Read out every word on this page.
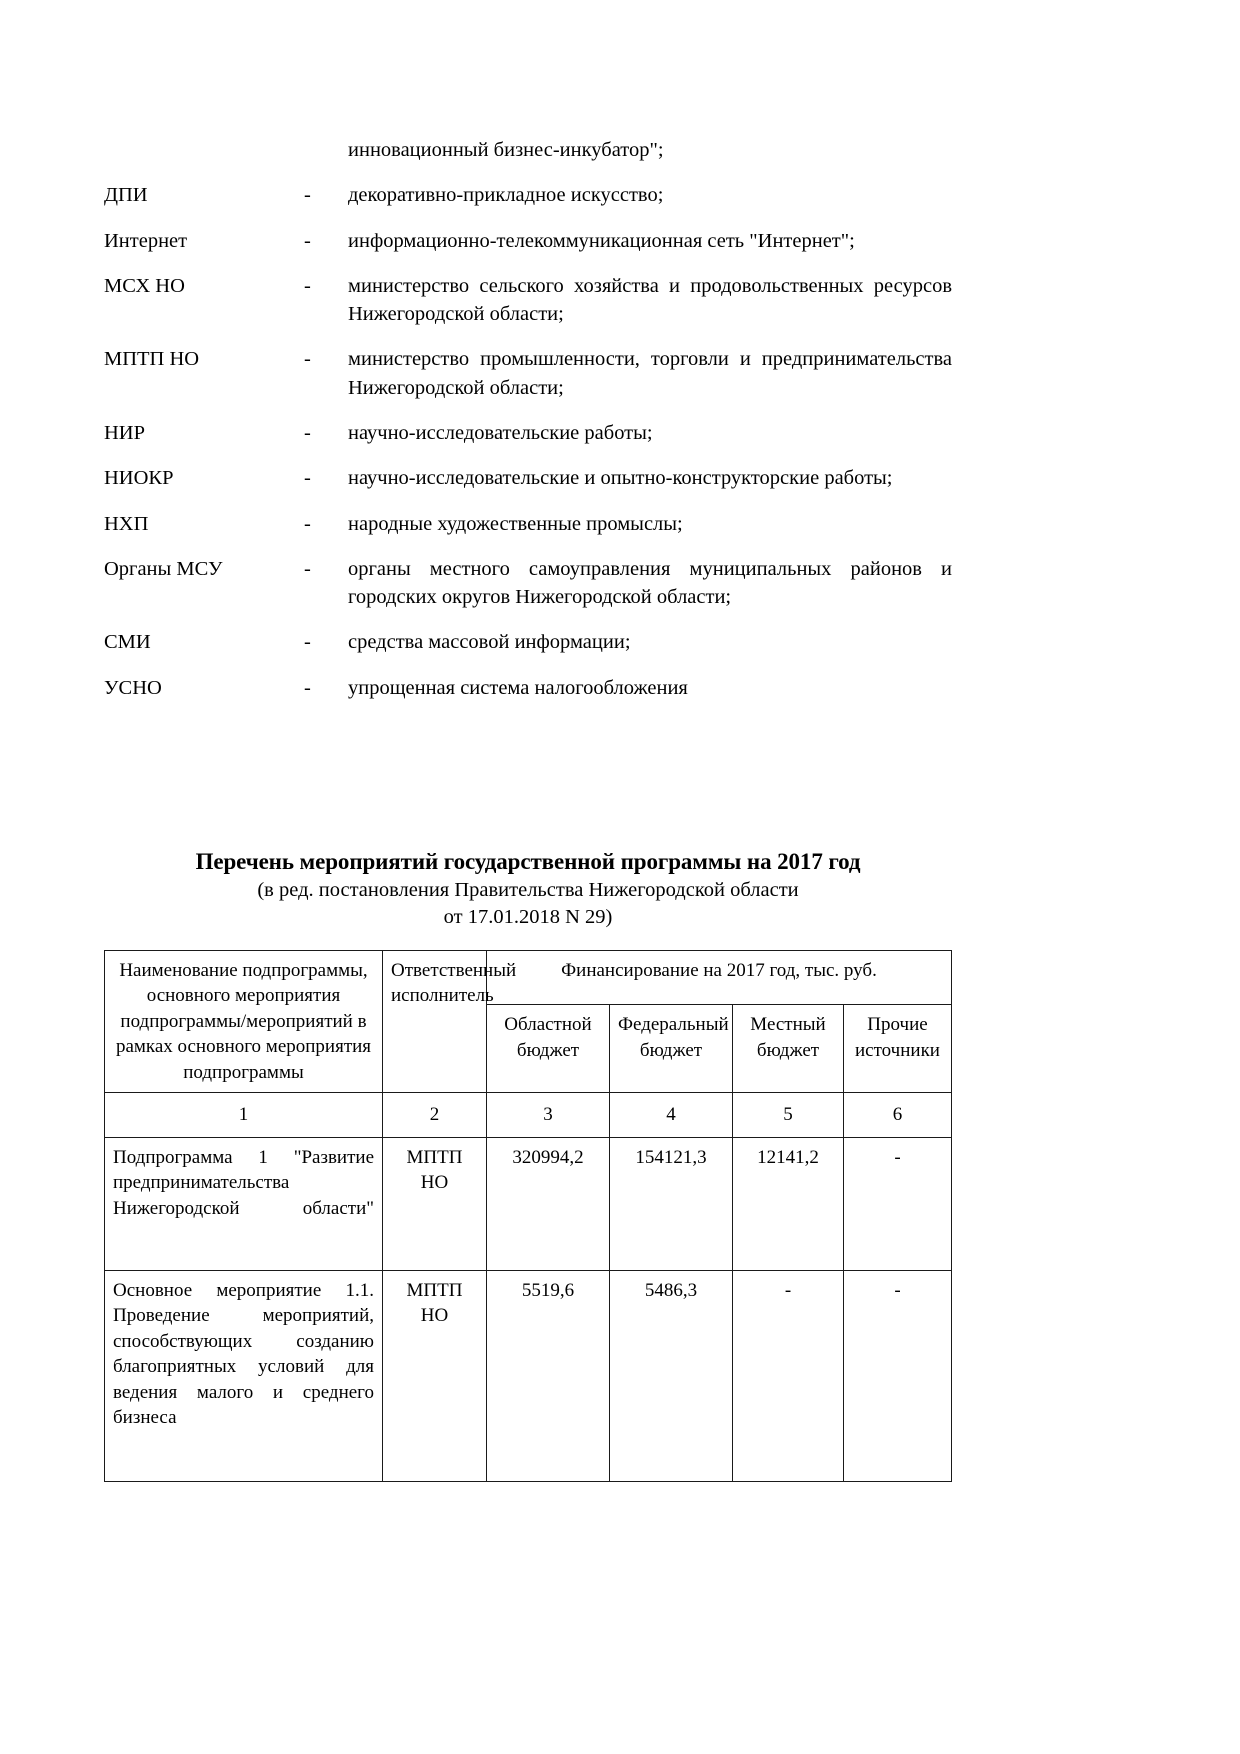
инновационный бизнес-инкубатор";
ДПИ	-	декоративно-прикладное искусство;
Интернет	-	информационно-телекоммуникационная сеть "Интернет";
МСХ НО	-	министерство сельского хозяйства и продовольственных ресурсов Нижегородской области;
МПТП НО	-	министерство промышленности, торговли и предпринимательства Нижегородской области;
НИР	-	научно-исследовательские работы;
НИОКР	-	научно-исследовательские и опытно-конструкторские работы;
НХП	-	народные художественные промыслы;
Органы МСУ	-	органы местного самоуправления муниципальных районов и городских округов Нижегородской области;
СМИ	-	средства массовой информации;
УСНО	-	упрощенная система налогообложения
Перечень мероприятий государственной программы на 2017 год
(в ред. постановления Правительства Нижегородской области
от 17.01.2018 N 29)
Наименование подпрограммы, основного мероприятия подпрограммы/мероприятий в рамках основного мероприятия подпрограммы	Ответственный исполнитель	Финансирование на 2017 год, тыс. руб.			
		Областной бюджет	Федеральный бюджет	Местный бюджет	Прочие источники
1	2	3	4	5	6
Подпрограмма 1 "Развитие предпринимательства Нижегородской области"	МПТП НО	320994,2	154121,3	12141,2	-
Основное мероприятие 1.1. Проведение мероприятий, способствующих созданию благоприятных условий для ведения малого и среднего бизнеса	МПТП НО	5519,6	5486,3	-	-
